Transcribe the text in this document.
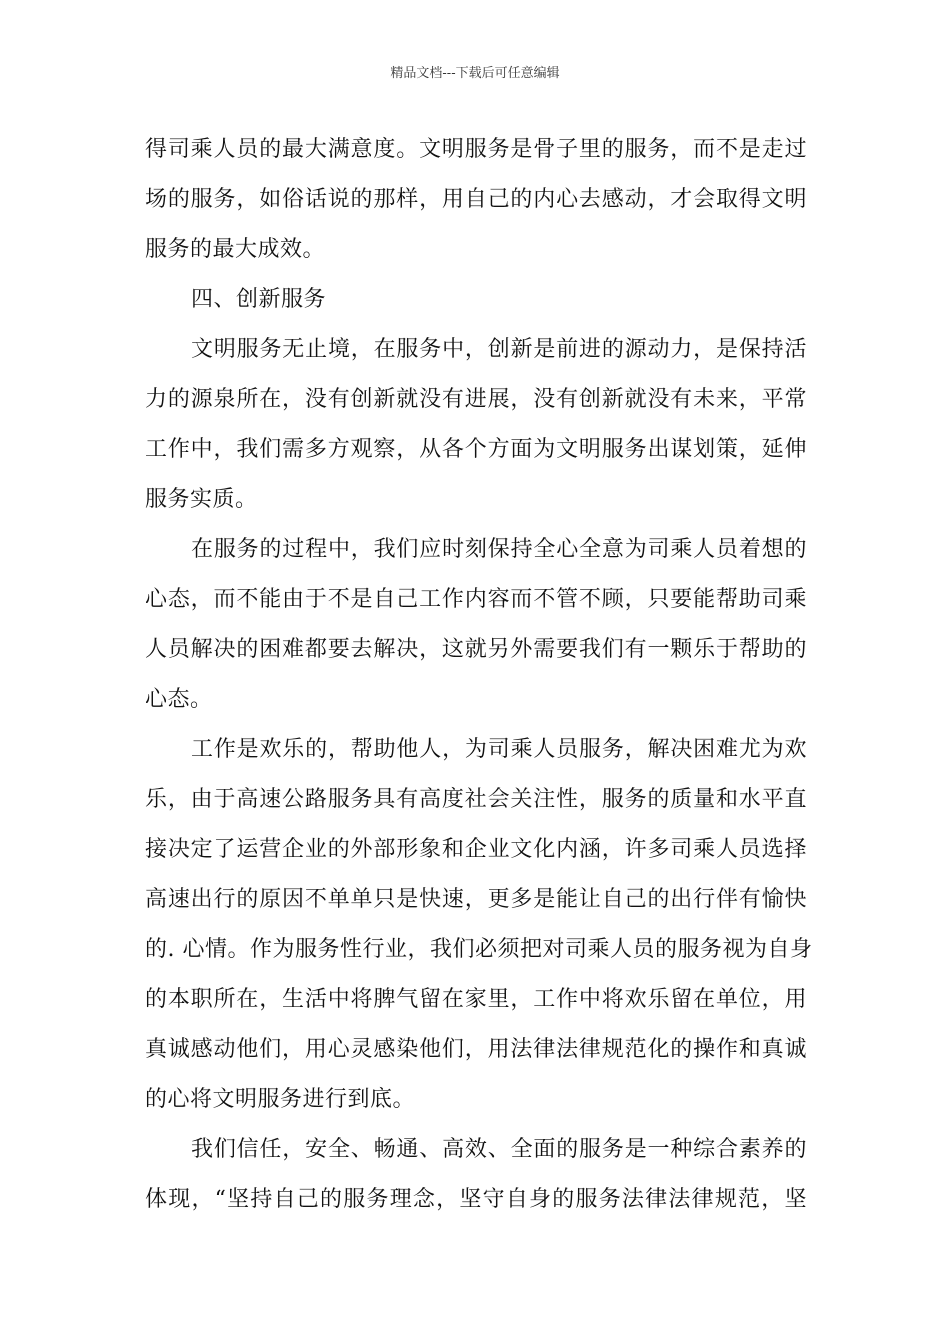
精品文档---下载后可任意编辑
得司乘人员的最大满意度。文明服务是骨子里的服务，而不是走过
场的服务，如俗话说的那样，用自己的内心去感动，才会取得文明
服务的最大成效。
四、创新服务
文明服务无止境，在服务中，创新是前进的源动力，是保持活
力的源泉所在，没有创新就没有进展，没有创新就没有未来，平常
工作中，我们需多方观察，从各个方面为文明服务出谋划策，延伸
服务实质。
在服务的过程中，我们应时刻保持全心全意为司乘人员着想的
心态，而不能由于不是自己工作内容而不管不顾，只要能帮助司乘
人员解决的困难都要去解决，这就另外需要我们有一颗乐于帮助的
心态。
工作是欢乐的，帮助他人，为司乘人员服务，解决困难尤为欢
乐，由于高速公路服务具有高度社会关注性，服务的质量和水平直
接决定了运营企业的外部形象和企业文化内涵，许多司乘人员选择
高速出行的原因不单单只是快速，更多是能让自己的出行伴有愉快
的. 心情。作为服务性行业，我们必须把对司乘人员的服务视为自身
的本职所在，生活中将脾气留在家里，工作中将欢乐留在单位，用
真诚感动他们，用心灵感染他们，用法律法律规范化的操作和真诚
的心将文明服务进行到底。
我们信任，安全、畅通、高效、全面的服务是一种综合素养的
体现，“坚持自己的服务理念，坚守自身的服务法律法律规范，坚
